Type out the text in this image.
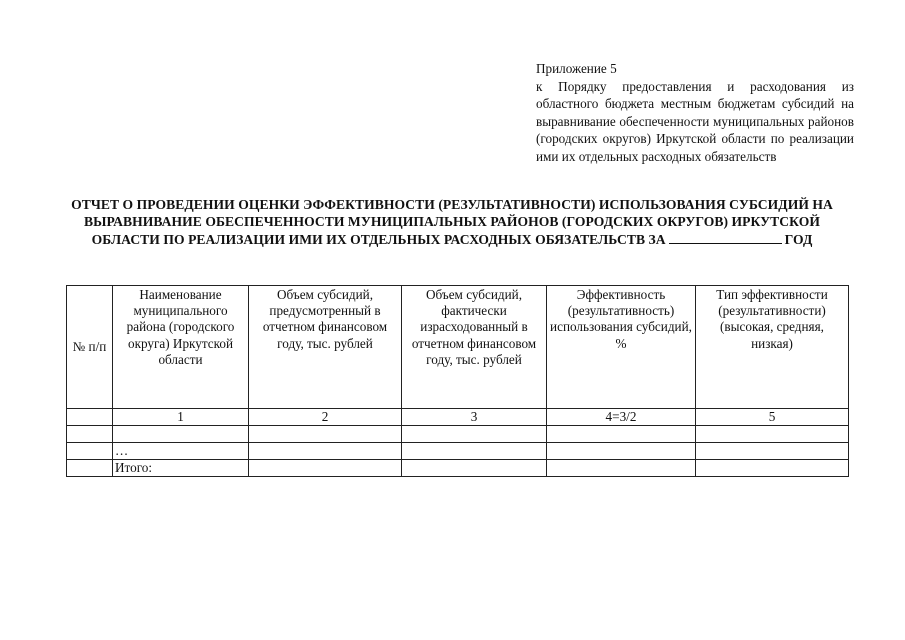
Приложение 5
к Порядку предоставления и расходования из областного бюджета местным бюджетам субсидий на выравнивание обеспеченности муниципальных районов (городских округов) Иркутской области по реализации ими их отдельных расходных обязательств
ОТЧЕТ О ПРОВЕДЕНИИ ОЦЕНКИ ЭФФЕКТИВНОСТИ (РЕЗУЛЬТАТИВНОСТИ) ИСПОЛЬЗОВАНИЯ СУБСИДИЙ НА ВЫРАВНИВАНИЕ ОБЕСПЕЧЕННОСТИ МУНИЦИПАЛЬНЫХ РАЙОНОВ (ГОРОДСКИХ ОКРУГОВ) ИРКУТСКОЙ ОБЛАСТИ ПО РЕАЛИЗАЦИИ ИМИ ИХ ОТДЕЛЬНЫХ РАСХОДНЫХ ОБЯЗАТЕЛЬСТВ ЗА	ГОД
№ п/п	Наименование муниципального района (городского округа) Иркутской области	Объем субсидий, предусмотренный в отчетном финансовом году, тыс. рублей	Объем субсидий, фактически израсходованный в отчетном финансовом году, тыс. рублей	Эффективность (результативность) использования субсидий, %	Тип эффективности (результативности) (высокая, средняя, низкая)
	1	2	3	4=3/2	5

	…				
	Итого:				
